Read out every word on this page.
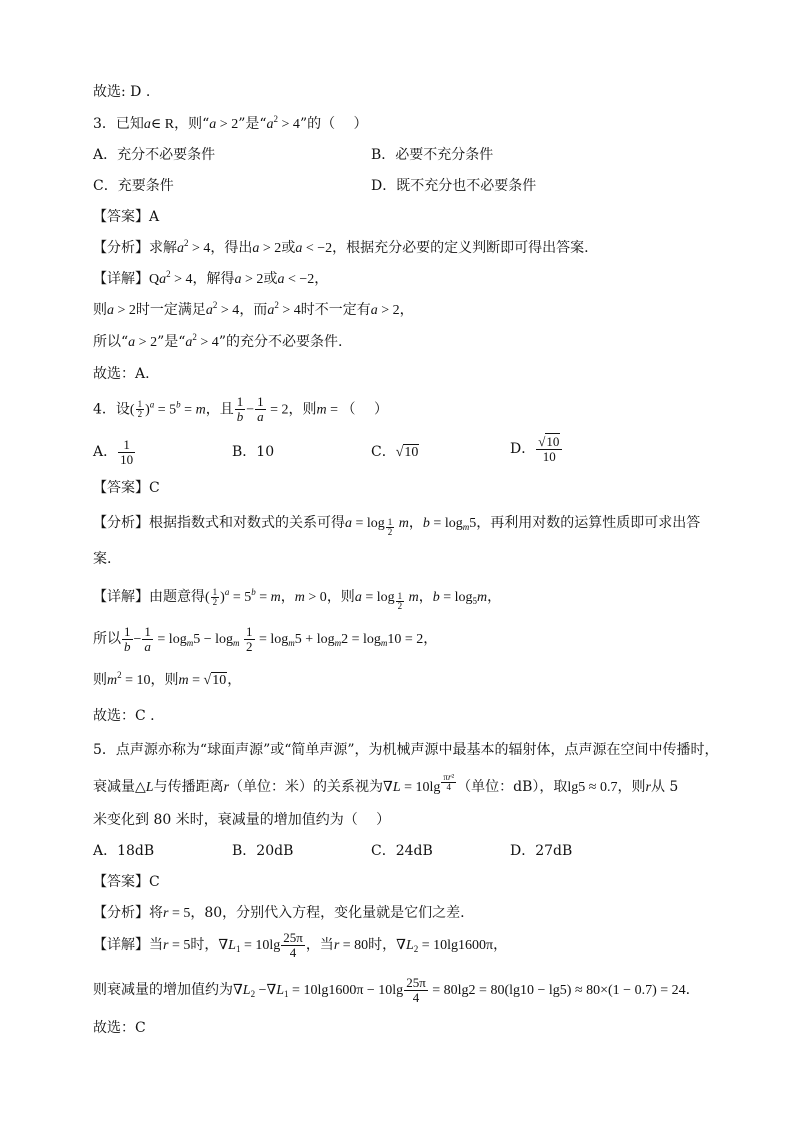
故选: D .
3．已知a∈ R，则“a > 2”是“$a^2 > 4$”的（　 ）
A．充分不必要条件	B．必要不充分条件
C．充要条件	D．既不充分也不必要条件
【答案】A
【分析】求解$a^2 > 4$，得出a > 2或a < −2，根据充分必要的定义判断即可得出答案.
【详解】$Qa^2 > 4$，解得a > 2或a < −2，
则a > 2时一定满足$a^2 > 4$，而$a^2 > 4$时不一定有a > 2，
所以“a > 2”是“$a^2 > 4$”的充分不必要条件.
故选：A.
4．设( $\frac{1}{2} )^a = 5^b = m$，且 $\frac{1}{b} - \frac{1}{a} = 2$，则m = （　 ）
A． $\frac{1}{10}$	B．10	C．√10	D． $\frac{√10}{10}$
【答案】C
【分析】根据指数式和对数式的关系可得a = log $_{\frac{1}{2}}$ m，$b = \log_m5$，再利用对数的运算性质即可求出答
案.
【详解】由题意得( $\frac{1}{2} )^a = 5^b = m$，m > 0，则a = log $_{\frac{1}{2}}$ m，$b = \log_5m$，
所以 $\frac{1}{b} - \frac{1}{a} = \log_m5 - \log_m \frac{1}{2} = \log_m5 + \log_m2 = \log_m10 = 2$，
则$m^2 = 10$，则m = √10，
故选：C .
5．点声源亦称为“球面声源”或“简单声源”，为机械声源中最基本的辐射体，点声源在空间中传播时，
衰减量△L与传播距离r（单位：米）的关系视为∇L = 10lg $^{\frac{\text{πr²}}{4}}$ （单位：dB），取lg5 ≈ 0.7，则r从 5
米变化到 80 米时，衰减量的增加值约为（　 ）
A．18dB	B．20dB	C．24dB	D．27dB
【答案】C
【分析】将r = 5，80，分别代入方程，变化量就是它们之差.
【详解】当r = 5时，$\nabla L_1 = 10\lg \frac{25\pi}{4}$ ，当r = 80时，$\nabla L_2 = 10\lg 1600\pi$，
则衰减量的增加值约为$\nabla L_2 -\nabla L_1 = 10\lg 1600\pi - 10\lg \frac{25\pi}{4} = 80\lg 2 = 80(\lg 10 - \lg 5) \approx 80\times(1 - 0.7) = 24$.
故选：C
